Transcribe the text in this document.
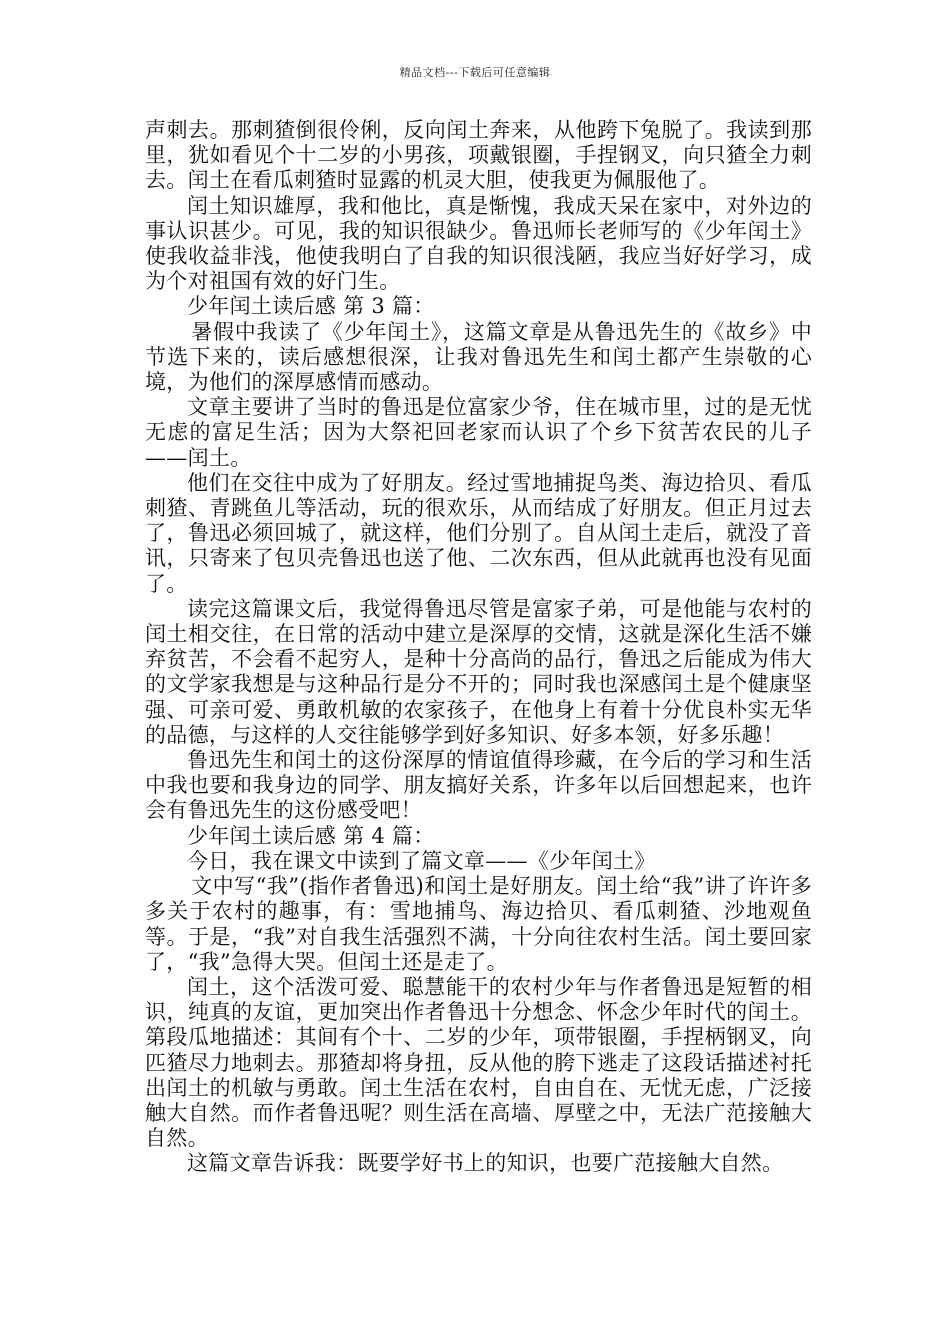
精品文档---下载后可任意编辑

声刺去。那刺猹倒很伶俐，反向闰土奔来，从他跨下兔脱了。我读到那里，犹如看见个十二岁的小男孩，项戴银圈，手捏钢叉，向只猹全力刺去。闰土在看瓜刺猹时显露的机灵大胆，使我更为佩服他了。

闰土知识雄厚，我和他比，真是惭愧，我成天呆在家中，对外边的事认识甚少。可见，我的知识很缺少。鲁迅师长老师写的《少年闰土》使我收益非浅，他使我明白了自我的知识很浅陋，我应当好好学习，成为个对祖国有效的好门生。

少年闰土读后感 第 3 篇：

暑假中我读了《少年闰土》，这篇文章是从鲁迅先生的《故乡》中节选下来的，读后感想很深，让我对鲁迅先生和闰土都产生崇敬的心境，为他们的深厚感情而感动。

文章主要讲了当时的鲁迅是位富家少爷，住在城市里，过的是无忧无虑的富足生活；因为大祭祀回老家而认识了个乡下贫苦农民的儿子——闰土。

他们在交往中成为了好朋友。经过雪地捕捉鸟类、海边拾贝、看瓜刺猹、青跳鱼儿等活动，玩的很欢乐，从而结成了好朋友。但正月过去了，鲁迅必须回城了，就这样，他们分别了。自从闰土走后，就没了音讯，只寄来了包贝壳鲁迅也送了他、二次东西，但从此就再也没有见面了。

读完这篇课文后，我觉得鲁迅尽管是富家子弟，可是他能与农村的闰土相交往，在日常的活动中建立是深厚的交情，这就是深化生活不嫌弃贫苦，不会看不起穷人，是种十分高尚的品行，鲁迅之后能成为伟大的文学家我想是与这种品行是分不开的；同时我也深感闰土是个健康坚强、可亲可爱、勇敢机敏的农家孩子，在他身上有着十分优良朴实无华的品德，与这样的人交往能够学到好多知识、好多本领，好多乐趣！

鲁迅先生和闰土的这份深厚的情谊值得珍藏，在今后的学习和生活中我也要和我身边的同学、朋友搞好关系，许多年以后回想起来，也许会有鲁迅先生的这份感受吧！

少年闰土读后感 第 4 篇：

今日，我在课文中读到了篇文章——《少年闰土》

文中写“我”(指作者鲁迅)和闰土是好朋友。闰土给“我”讲了许许多多关于农村的趣事，有：雪地捕鸟、海边拾贝、看瓜刺猹、沙地观鱼等。于是，“我”对自我生活强烈不满，十分向往农村生活。闰土要回家了，“我”急得大哭。但闰土还是走了。

闰土，这个活泼可爱、聪慧能干的农村少年与作者鲁迅是短暂的相识，纯真的友谊，更加突出作者鲁迅十分想念、怀念少年时代的闰土。第段瓜地描述：其间有个十、二岁的少年，项带银圈，手捏柄钢叉，向匹猹尽力地刺去。那猹却将身扭，反从他的胯下逃走了这段话描述衬托出闰土的机敏与勇敢。闰土生活在农村，自由自在、无忧无虑，广泛接触大自然。而作者鲁迅呢？则生活在高墙、厚壁之中，无法广范接触大自然。

这篇文章告诉我：既要学好书上的知识，也要广范接触大自然。
